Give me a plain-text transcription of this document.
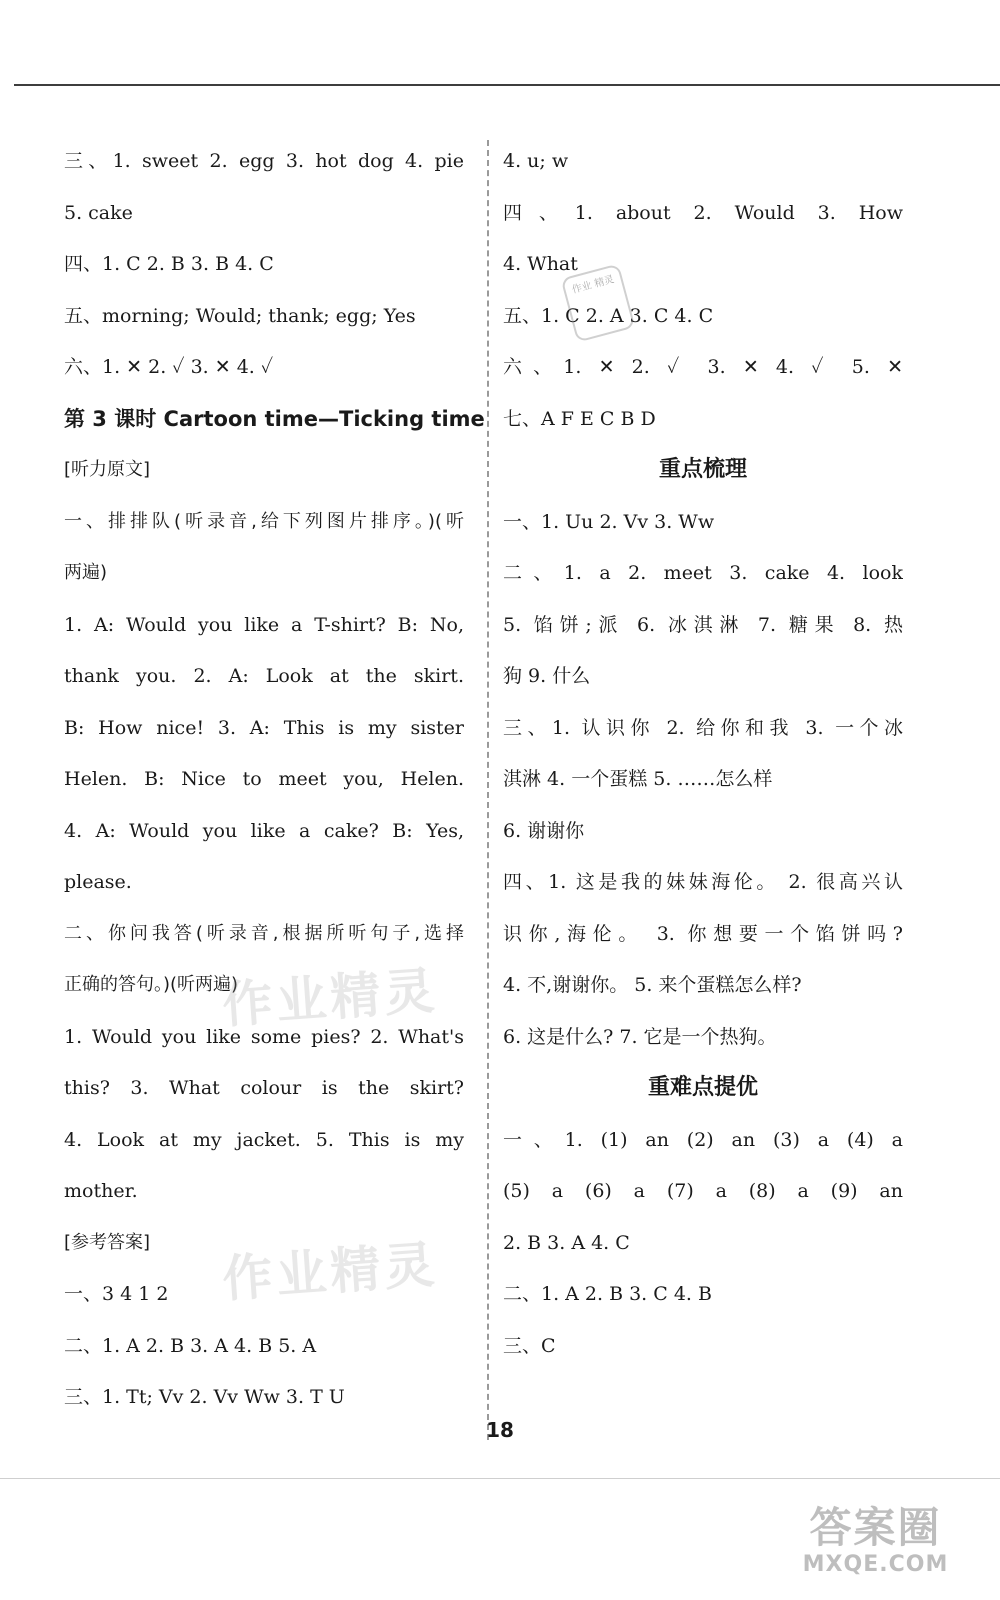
三、1. sweet 2. egg 3. hot dog 4. pie
5. cake
四、1. C 2. B 3. B 4. C
五、morning; Would; thank; egg; Yes
六、1. ✕ 2. ✓ 3. ✕ 4. ✓
第 3 课时 Cartoon time—Ticking time
[听力原文]
一、排排队(听录音,给下列图片排序。)(听
两遍)
1. A: Would you like a T-shirt? B: No,
thank you. 2. A: Look at the skirt.
B: How nice! 3. A: This is my sister
Helen. B: Nice to meet you, Helen.
4. A: Would you like a cake? B: Yes,
please.
二、你问我答(听录音,根据所听句子,选择
正确的答句。)(听两遍)
1. Would you like some pies? 2. What's
this? 3. What colour is the skirt?
4. Look at my jacket. 5. This is my
mother.
[参考答案]
一、3 4 1 2
二、1. A 2. B 3. A 4. B 5. A
三、1. Tt; Vv 2. Vv Ww 3. T U
4. u; w
四、1. about 2. Would 3. How
4. What
五、1. C 2. A 3. C 4. C
六、1. ✕ 2. ✓ 3. ✕ 4. ✓ 5. ✕
七、A F E C B D
重点梳理
一、1. Uu 2. Vv 3. Ww
二、1. a 2. meet 3. cake 4. look
5. 馅饼;派 6. 冰淇淋 7. 糖果 8. 热
狗 9. 什么
三、1. 认识你 2. 给你和我 3. 一个冰
淇淋 4. 一个蛋糕 5. ……怎么样
6. 谢谢你
四、1. 这是我的妹妹海伦。 2. 很高兴认
识你,海伦。 3. 你想要一个馅饼吗?
4. 不,谢谢你。 5. 来个蛋糕怎么样?
6. 这是什么? 7. 它是一个热狗。
重难点提优
一、1. (1) an (2) an (3) a (4) a
(5) a (6) a (7) a (8) a (9) an
2. B 3. A 4. C
二、1. A 2. B 3. C 4. B
三、C
作业精灵
作业精灵
作业 精灵
18
答案圈
MXQE.COM
